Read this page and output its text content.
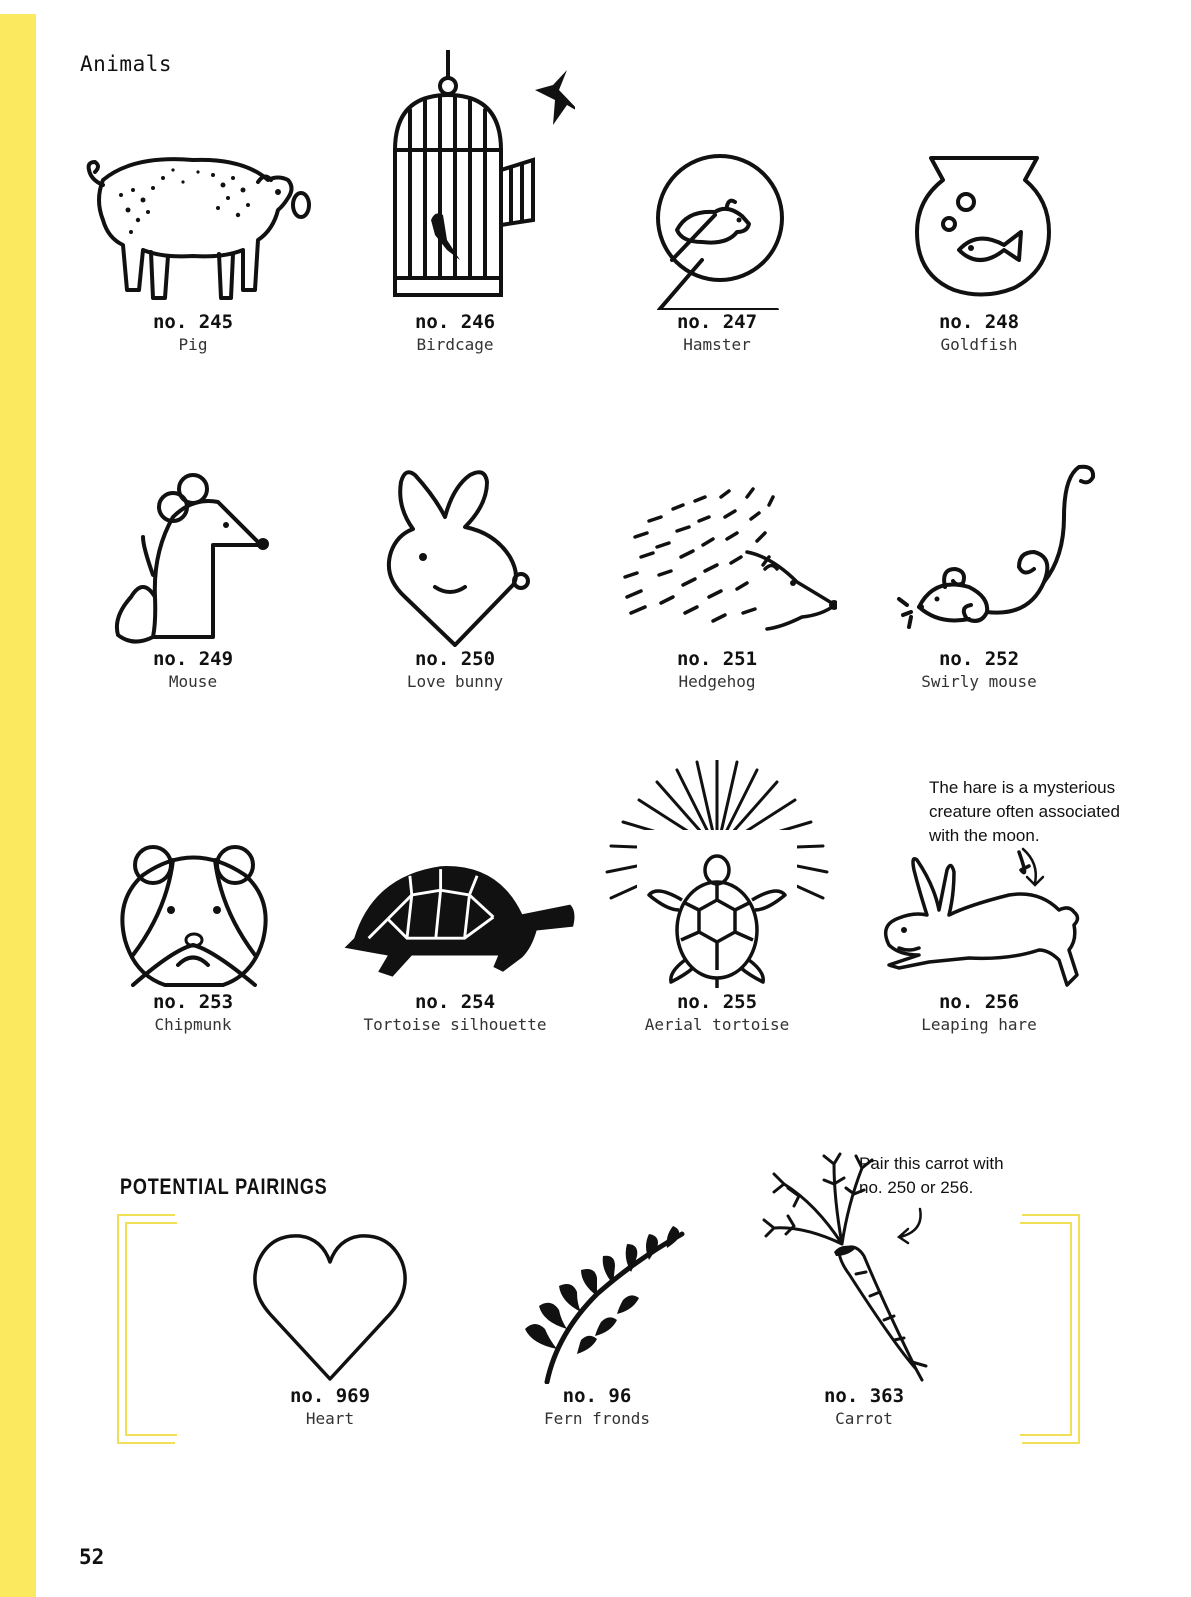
Animals
no. 245
Pig
no. 246
Birdcage
no. 247
Hamster
no. 248
Goldfish
no. 249
Mouse
no. 250
Love bunny
no. 251
Hedgehog
no. 252
Swirly mouse
no. 253
Chipmunk
no. 254
Tortoise silhouette
no. 255
Aerial tortoise
no. 256
Leaping hare
The hare is a mysterious
creature often associated
with the moon.
POTENTIAL PAIRINGS
Pair this carrot with
no. 250 or 256.
no. 969
Heart
no. 96
Fern fronds
no. 363
Carrot
52
